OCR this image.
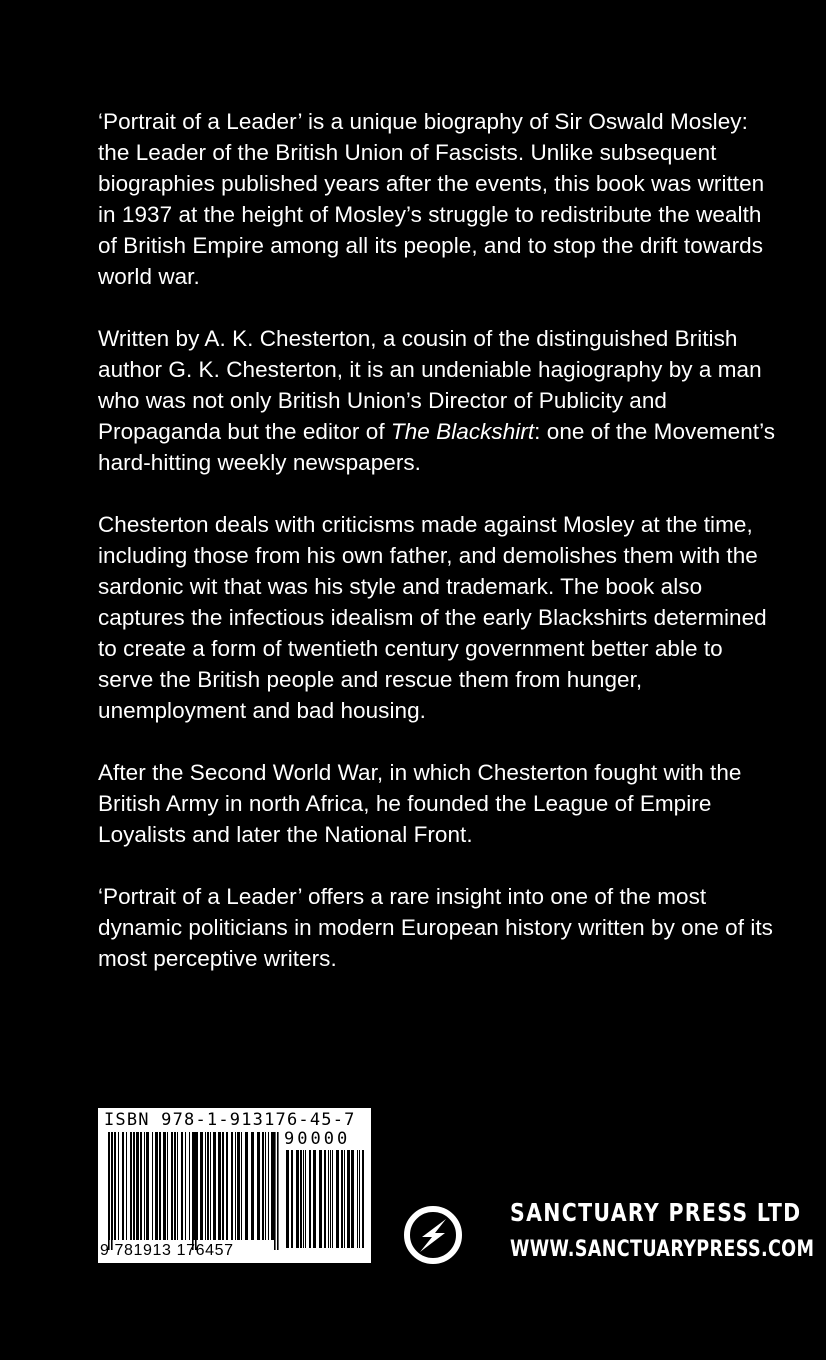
‘Portrait of a Leader’ is a unique biography of Sir Oswald Mosley: the Leader of the British Union of Fascists. Unlike subsequent biographies published years after the events, this book was written in 1937 at the height of Mosley’s struggle to redistribute the wealth of British Empire among all its people, and to stop the drift towards world war.

Written by A. K. Chesterton, a cousin of the distinguished British author G. K. Chesterton, it is an undeniable hagiography by a man who was not only British Union’s Director of Publicity and Propaganda but the editor of The Blackshirt: one of the Movement’s hard-hitting weekly newspapers.

Chesterton deals with criticisms made against Mosley at the time, including those from his own father, and demolishes them with the sardonic wit that was his style and trademark. The book also captures the infectious idealism of the early Blackshirts determined to create a form of twentieth century government better able to serve the British people and rescue them from hunger, unemployment and bad housing.

After the Second World War, in which Chesterton fought with the British Army in north Africa, he founded the League of Empire Loyalists and later the National Front.

‘Portrait of a Leader’ offers a rare insight into one of the most dynamic politicians in modern European history written by one of its most perceptive writers.

ISBN 978-1-913176-45-7
90000
9 781913 176457
SANCTUARY PRESS LTD
WWW.SANCTUARYPRESS.COM
